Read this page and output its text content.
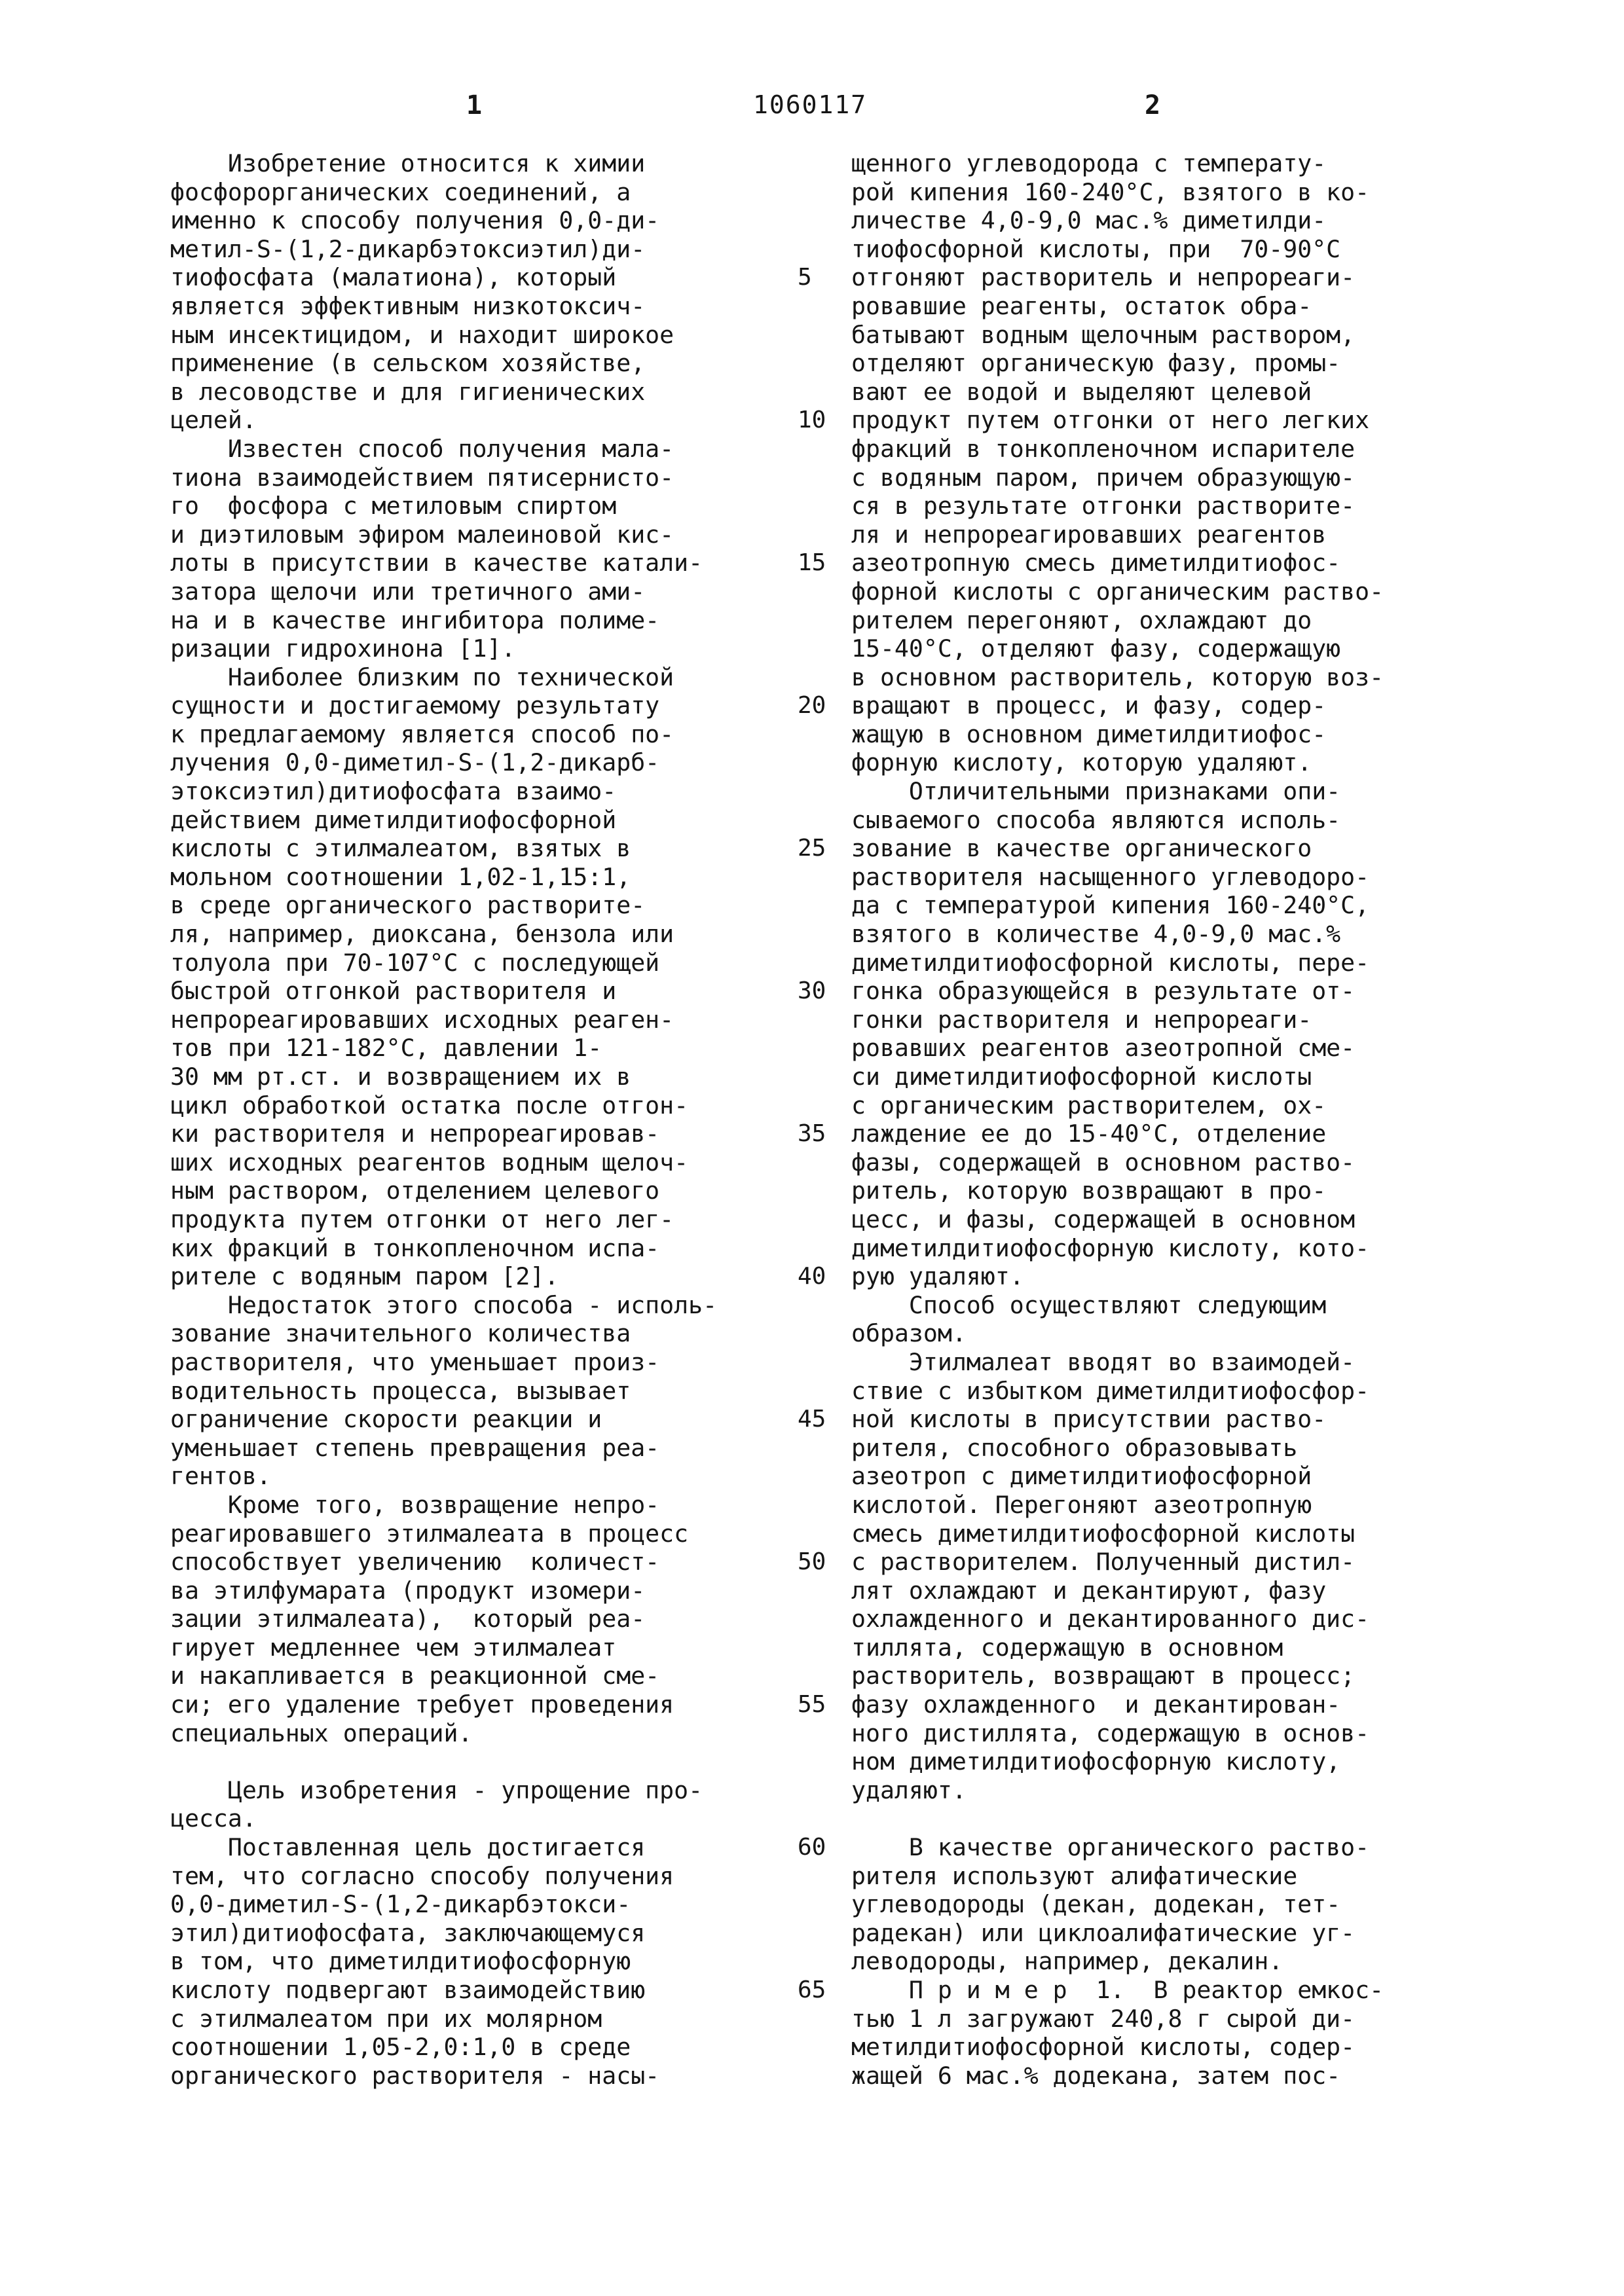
1	1060117	2
Изобретение относится к химии
фосфорорганических соединений, а
именно к способу получения 0,0-ди-
метил-S-(1,2-дикарбэтоксиэтил)ди-
тиофосфата (малатиона), который
является эффективным низкотоксич-
ным инсектицидом, и находит широкое
применение (в сельском хозяйстве,
в лесоводстве и для гигиенических
целей.
Известен способ получения мала-
тиона взаимодействием пятисернисто-
го  фосфора с метиловым спиртом
и диэтиловым эфиром малеиновой кис-
лоты в присутствии в качестве катали-
затора щелочи или третичного ами-
на и в качестве ингибитора полиме-
ризации гидрохинона [1].
Наиболее близким по технической
сущности и достигаемому результату
к предлагаемому является способ по-
лучения 0,0-диметил-S-(1,2-дикарб-
этоксиэтил)дитиофосфата взаимо-
действием диметилдитиофосфорной
кислоты с этилмалеатом, взятых в
мольном соотношении 1,02-1,15:1,
в среде органического растворите-
ля, например, диоксана, бензола или
толуола при 70-107°С с последующей
быстрой отгонкой растворителя и
непрореагировавших исходных реаген-
тов при 121-182°С, давлении 1-
30 мм рт.ст. и возвращением их в
цикл обработкой остатка после отгон-
ки растворителя и непрореагировав-
ших исходных реагентов водным щелоч-
ным раствором, отделением целевого
продукта путем отгонки от него лег-
ких фракций в тонкопленочном испа-
рителе с водяным паром [2].
Недостаток этого способа - исполь-
зование значительного количества
растворителя, что уменьшает произ-
водительность процесса, вызывает
ограничение скорости реакции и
уменьшает степень превращения реа-
гентов.
Кроме того, возвращение непро-
реагировавшего этилмалеата в процесс
способствует увеличению  количест-
ва этилфумарата (продукт изомери-
зации этилмалеата),  который реа-
гирует медленнее чем этилмалеат
и накапливается в реакционной сме-
си; его удаление требует проведения
специальных операций.
Цель изобретения - упрощение про-
цесса.
Поставленная цель достигается
тем, что согласно способу получения
0,0-диметил-S-(1,2-дикарбэтокси-
этил)дитиофосфата, заключающемуся
в том, что диметилдитиофосфорную
кислоту подвергают взаимодействию
с этилмалеатом при их молярном
соотношении 1,05-2,0:1,0 в среде
органического растворителя - насы-
5
10
15
20
25
30
35
40
45
50
55
60
65
щенного углеводорода с температу-
рой кипения 160-240°С, взятого в ко-
личестве 4,0-9,0 мас.% диметилди-
тиофосфорной кислоты, при  70-90°С
отгоняют растворитель и непрореаги-
ровавшие реагенты, остаток обра-
батывают водным щелочным раствором,
отделяют органическую фазу, промы-
вают ее водой и выделяют целевой
продукт путем отгонки от него легких
фракций в тонкопленочном испарителе
с водяным паром, причем образующую-
ся в результате отгонки растворите-
ля и непрореагировавших реагентов
азеотропную смесь диметилдитиофос-
форной кислоты с органическим раство-
рителем перегоняют, охлаждают до
15-40°С, отделяют фазу, содержащую
в основном растворитель, которую воз-
вращают в процесс, и фазу, содер-
жащую в основном диметилдитиофос-
форную кислоту, которую удаляют.
Отличительными признаками опи-
сываемого способа являются исполь-
зование в качестве органического
растворителя насыщенного углеводоро-
да с температурой кипения 160-240°С,
взятого в количестве 4,0-9,0 мас.%
диметилдитиофосфорной кислоты, пере-
гонка образующейся в результате от-
гонки растворителя и непрореаги-
ровавших реагентов азеотропной сме-
си диметилдитиофосфорной кислоты
с органическим растворителем, ох-
лаждение ее до 15-40°С, отделение
фазы, содержащей в основном раство-
ритель, которую возвращают в про-
цесс, и фазы, содержащей в основном
диметилдитиофосфорную кислоту, кото-
рую удаляют.
Способ осуществляют следующим
образом.
Этилмалеат вводят во взаимодей-
ствие с избытком диметилдитиофосфор-
ной кислоты в присутствии раство-
рителя, способного образовывать
азеотроп с диметилдитиофосфорной
кислотой. Перегоняют азеотропную
смесь диметилдитиофосфорной кислоты
с растворителем. Полученный дистил-
лят охлаждают и декантируют, фазу
охлажденного и декантированного дис-
тиллята, содержащую в основном
растворитель, возвращают в процесс;
фазу охлажденного  и декантирован-
ного дистиллята, содержащую в основ-
ном диметилдитиофосфорную кислоту,
удаляют.
В качестве органического раство-
рителя используют алифатические
углеводороды (декан, додекан, тет-
радекан) или циклоалифатические уг-
леводороды, например, декалин.
П р и м е р  1.  В реактор емкос-
тью 1 л загружают 240,8 г сырой ди-
метилдитиофосфорной кислоты, содер-
жащей 6 мас.% додекана, затем пос-
